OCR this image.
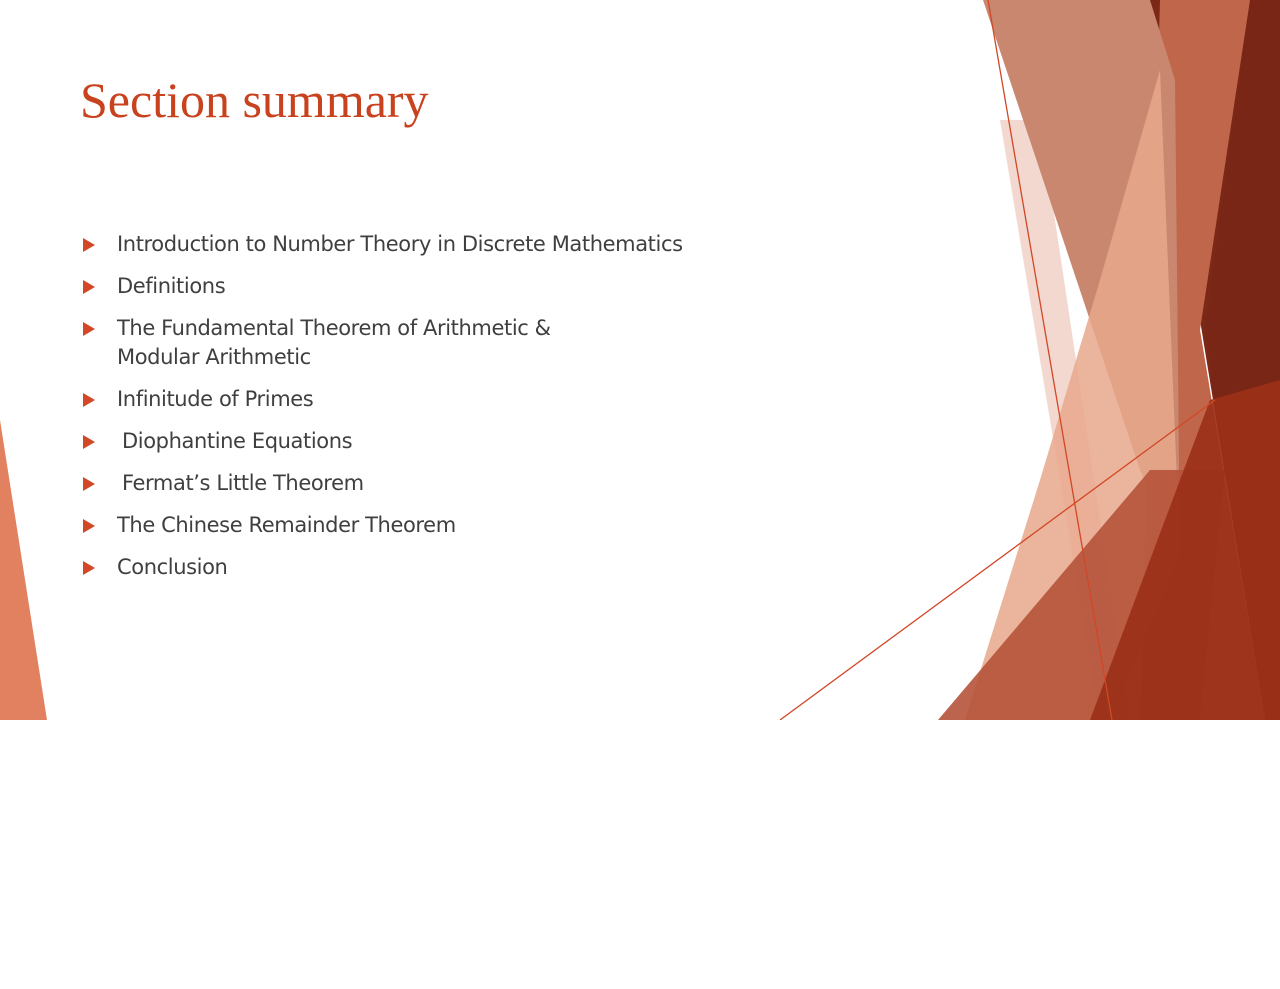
Section summary
Introduction to Number Theory in Discrete Mathematics
Definitions
The Fundamental Theorem of Arithmetic &
Modular Arithmetic
Infinitude of Primes
Diophantine Equations
Fermat’s Little Theorem
The Chinese Remainder Theorem
Conclusion
